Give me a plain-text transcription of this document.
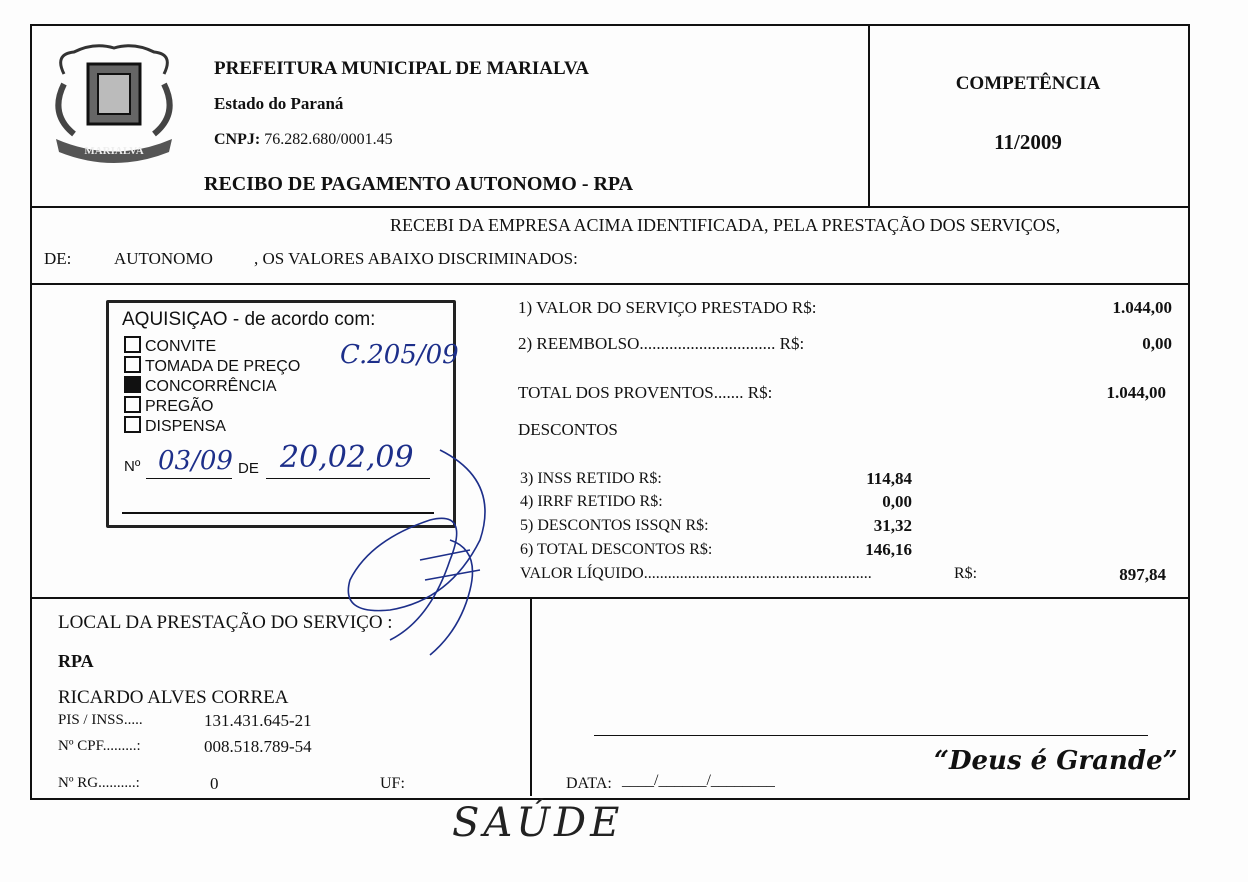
MARIALVA
PREFEITURA MUNICIPAL DE MARIALVA
Estado do Paraná
CNPJ: 76.282.680/0001.45
RECIBO DE PAGAMENTO AUTONOMO - RPA
COMPETÊNCIA
11/2009
RECEBI DA EMPRESA ACIMA IDENTIFICADA, PELA PRESTAÇÃO DOS SERVIÇOS,
DE:	AUTONOMO , OS VALORES ABAIXO DISCRIMINADOS:
AQUISIÇAO - de acordo com:
CONVITE
TOMADA DE PREÇO
CONCORRÊNCIA
PREGÃO
DISPENSA
C.205/09
Nº 03/09 DE 20,02,09
1) VALOR DO SERVIÇO PRESTADO R$:	1.044,00
2) REEMBOLSO................................ R$:	0,00
TOTAL DOS PROVENTOS....... R$:	1.044,00
DESCONTOS
3) INSS RETIDO R$:	114,84
4) IRRF RETIDO R$:	0,00
5) DESCONTOS ISSQN R$:	31,32
6) TOTAL DESCONTOS R$:	146,16
VALOR LÍQUIDO.........................................................	R$:	897,84
LOCAL DA PRESTAÇÃO DO SERVIÇO :
RPA
RICARDO ALVES CORREA
PIS / INSS.....	131.431.645-21
Nº CPF.........:	008.518.789-54
Nº RG..........:	0	UF:	DATA: ____/______/________
“Deus é Grande”
SAÚDE
